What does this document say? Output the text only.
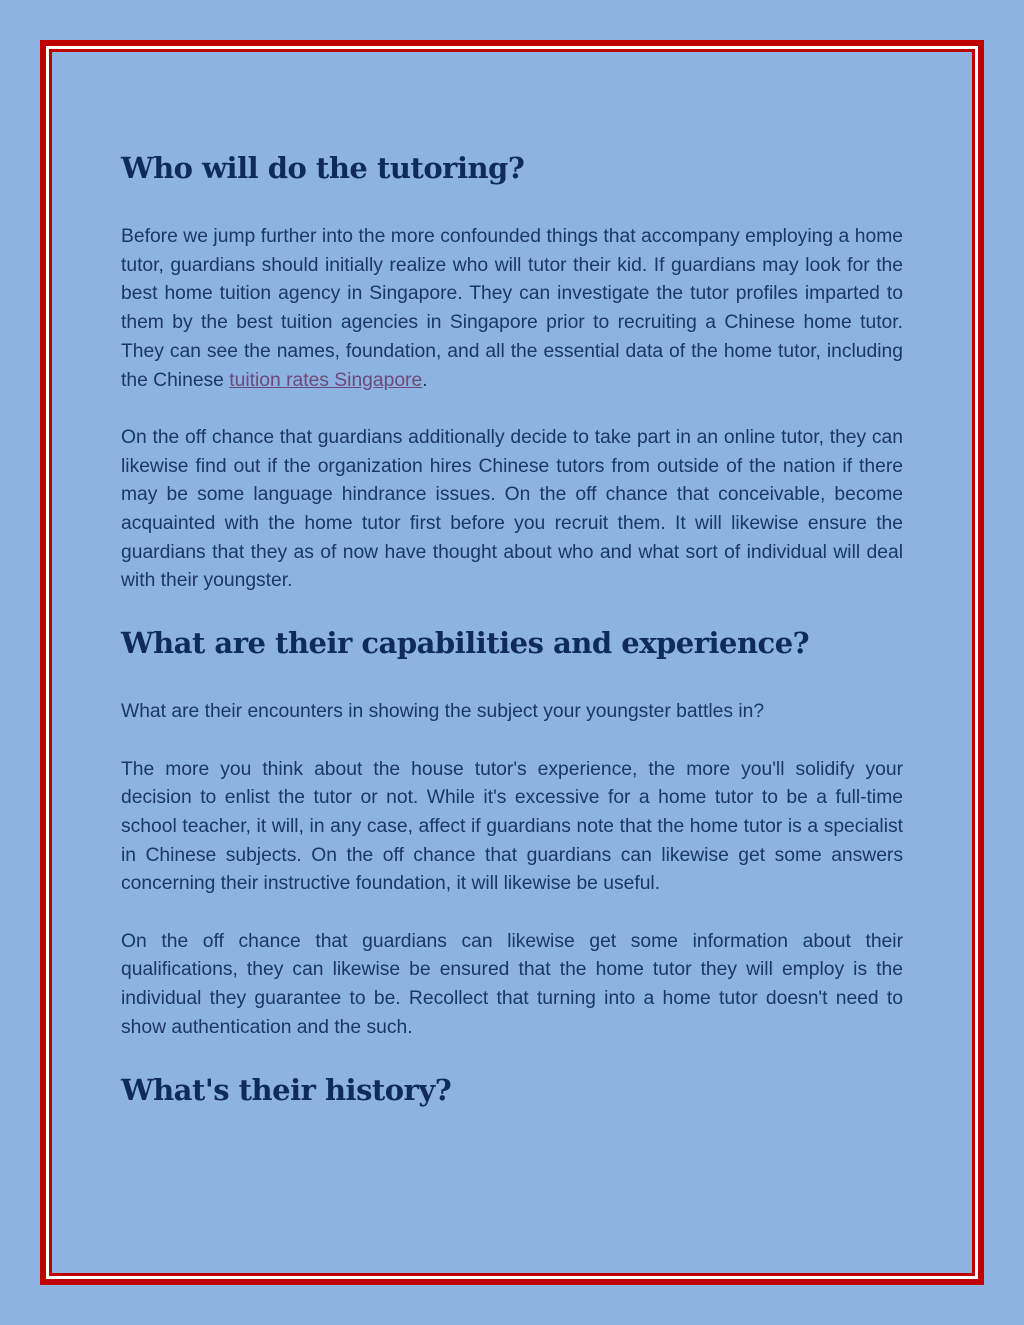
Who will do the tutoring?

Before we jump further into the more confounded things that accompany employing a home tutor, guardians should initially realize who will tutor their kid. If guardians may look for the best home tuition agency in Singapore. They can investigate the tutor profiles imparted to them by the best tuition agencies in Singapore prior to recruiting a Chinese home tutor. They can see the names, foundation, and all the essential data of the home tutor, including the Chinese tuition rates Singapore.

On the off chance that guardians additionally decide to take part in an online tutor, they can likewise find out if the organization hires Chinese tutors from outside of the nation if there may be some language hindrance issues. On the off chance that conceivable, become acquainted with the home tutor first before you recruit them. It will likewise ensure the guardians that they as of now have thought about who and what sort of individual will deal with their youngster.

What are their capabilities and experience?

What are their encounters in showing the subject your youngster battles in?

The more you think about the house tutor's experience, the more you'll solidify your decision to enlist the tutor or not. While it's excessive for a home tutor to be a full-time school teacher, it will, in any case, affect if guardians note that the home tutor is a specialist in Chinese subjects. On the off chance that guardians can likewise get some answers concerning their instructive foundation, it will likewise be useful.

On the off chance that guardians can likewise get some information about their qualifications, they can likewise be ensured that the home tutor they will employ is the individual they guarantee to be. Recollect that turning into a home tutor doesn't need to show authentication and the such.

What's their history?
